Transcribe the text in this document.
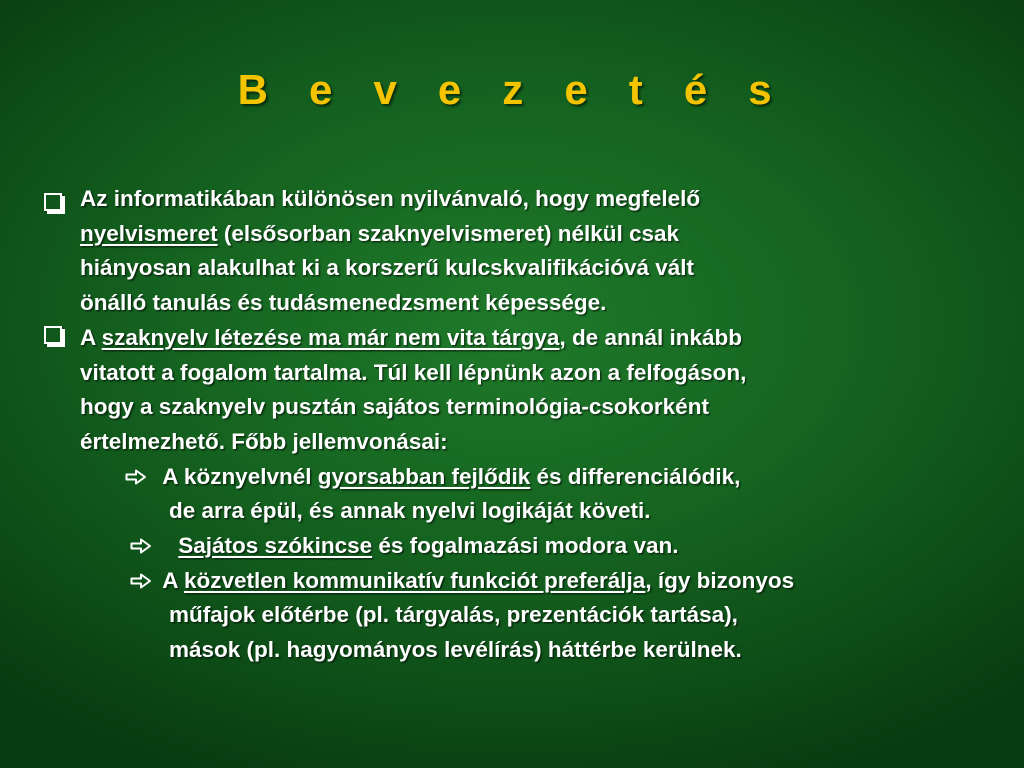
B e v e z e t é s
Az informatikában különösen nyilvánvaló, hogy megfelelő
nyelvismeret (elsősorban szaknyelvismeret) nélkül csak
hiányosan alakulhat ki a korszerű kulcskvalifikációvá vált
önálló tanulás és tudásmenedzsment képessége.
A szaknyelv létezése ma már nem vita tárgya, de annál inkább
vitatott a fogalom tartalma. Túl kell lépnünk azon a felfogáson,
hogy a szaknyelv pusztán sajátos terminológia-csokorként
értelmezhető. Főbb jellemvonásai:
A köznyelvnél gyorsabban fejlődik és differenciálódik,
de arra épül, és annak nyelvi logikáját követi.
Sajátos szókincse és fogalmazási modora van.
A közvetlen kommunikatív funkciót preferálja, így bizonyos
műfajok előtérbe (pl. tárgyalás, prezentációk tartása),
mások (pl. hagyományos levélírás) háttérbe kerülnek.
